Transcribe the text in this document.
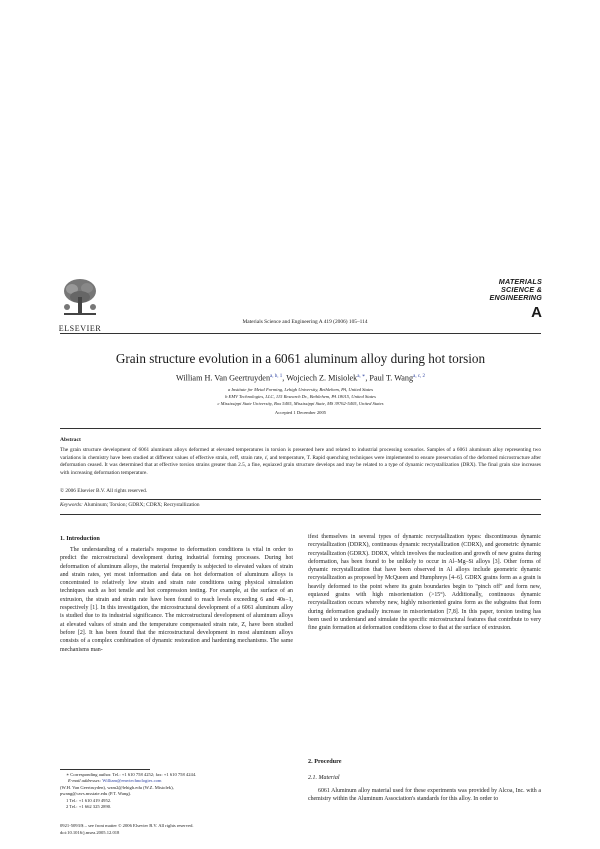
ELSEVIER
Materials Science and Engineering A 419 (2006) 105–114
MATERIALS
SCIENCE &
ENGINEERING
A
Grain structure evolution in a 6061 aluminum alloy during hot torsion
William H. Van Geertruyden$^{a, b, 1}$, Wojciech Z. Misiolek$^{a, ∗}$, Paul T. Wang$^{a, c, 2}$
a Institute for Metal Forming, Lehigh University, Bethlehem, PA, United States
b EMV Technologies, LLC, 115 Research Dr., Bethlehem, PA 18015, United States
c Mississippi State University, Box 5405, Mississippi State, MS 39762-5405, United States
Accepted 1 December 2005
Abstract
The grain structure development of 6061 aluminum alloys deformed at elevated temperatures in torsion is presented here and related to industrial processing scenarios. Samples of a 6061 aluminum alloy representing two variations in chemistry have been studied at different values of effective strain, εeff, strain rate, ε̇, and temperature, T. Rapid quenching techniques were implemented to ensure preservation of the deformed microstructure after deformation ceased. It was determined that at effective torsion strains greater than 2.5, a fine, equiaxed grain structure develops and may be related to a type of dynamic recrystallization (DRX). The final grain size increases with increasing deformation temperature.
© 2006 Elsevier B.V. All rights reserved.
Keywords: Aluminum; Torsion; GDRX; CDRX; Recrystallization
1. Introduction
The understanding of a material's response to deformation conditions is vital in order to predict the microstructural development during industrial forming processes. During hot deformation of aluminum alloys, the material frequently is subjected to elevated values of strain and strain rates, yet most information and data on hot deformation of aluminum alloys is concentrated to relatively low strain and strain rate conditions using physical simulation techniques such as hot tensile and hot compression testing. For example, at the surface of an extrusion, the strain and strain rate have been found to reach levels exceeding 6 and 40s−1, respectively [1]. In this investigation, the microstructural development of a 6061 aluminum alloy is studied due to its industrial significance. The microstructural development of aluminum alloys at elevated values of strain and the temperature compensated strain rate, Z, have been studied before [2]. It has been found that the microstructural development in most aluminum alloys consists of a complex combination of dynamic restoration and hardening mechanisms. The same mechanisms man-
∗ Corresponding author. Tel.: +1 610 758 4252; fax: +1 610 758 4244.
E-mail addresses: William@emvtechnologies.com
(W.H. Van Geertruyden), wzm2@lehigh.edu (W.Z. Misiolek),
pwang@cavs.msstate.edu (P.T. Wang).
1 Tel.: +1 610 419 4952.
2 Tel.: +1 662 325 2890.
0921-5093/$ – see front matter © 2006 Elsevier B.V. All rights reserved.
doi:10.1016/j.msea.2005.12.018
ifest themselves in several types of dynamic recrystallization types: discontinuous dynamic recrystallization (DDRX), continuous dynamic recrystallization (CDRX), and geometric dynamic recrystallization (GDRX). DDRX, which involves the nucleation and growth of new grains during deformation, has been found to be unlikely to occur in Al–Mg–Si alloys [3]. Other forms of dynamic recrystallization that have been observed in Al alloys include geometric dynamic recrystallization as proposed by McQueen and Humphreys [4–6]. GDRX grains form as a grain is heavily deformed to the point where its grain boundaries begin to "pinch off" and form new, equiaxed grains with high misorientation (>15°). Additionally, continuous dynamic recrystallization occurs whereby new, highly misoriented grains form as the subgrains that form during deformation gradually increase in misorientation [7,8]. In this paper, torsion testing has been used to understand and simulate the specific microstructural features that contribute to very fine grain formation at deformation conditions close to that at the surface of extrusion.
2. Procedure
2.1. Material
6061 Aluminum alloy material used for these experiments was provided by Alcoa, Inc. with a chemistry within the Aluminum Association's standards for this alloy. In order to
